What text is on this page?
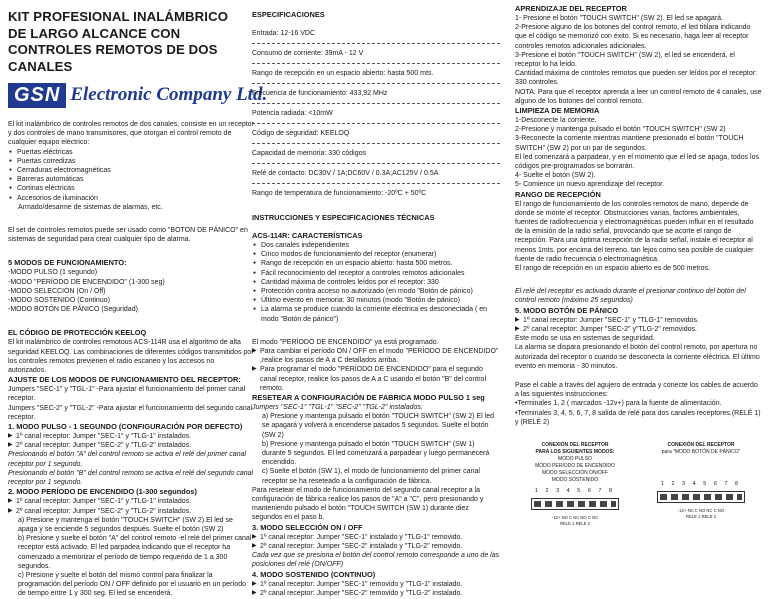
KIT PROFESIONAL INALÁMBRICO
DE LARGO ALCANCE CON
CONTROLES REMOTOS DE DOS CANALES
GSN Electronic Company Ltd.

El kit inalámbrico de controles remotos de dos canales, consiste en un receptor y dos controles de mano transmisores, que otorgan el control remoto de cualquier equipo eléctrico:

● Puertas eléctricas

● Puertas corredizas

● Cerraduras electromagnéticas

● Barreras automáticas

● Cortinas eléctricas

● Accesorios de iluminación

Armado/desarme de sistemas de alarmas, etc.

El set de controles remotos puede ser usado como "BOTON DE PÁNICO" en sistemas de seguridad para crear cualquier tipo de alarma.

5 MODOS DE FUNCIONAMIENTO:

-MODO PULSO (1 segundo)

-MODO "PERÍODO DE ENCENDIDO" (1-300 seg)

-MODO SELECCIÓN (On / Off)

-MODO SOSTENIDO (Continuo)

-MODO BOTÓN DE PÁNICO (Seguridad)

EL CÓDIGO DE PROTECCIÓN KEELOQ

El kit inalámbrico de controles remotous ACS-114R usa el algoritmo de alta seguridad KEELOQ. Las combinaciones de diferentes códigos transmitidos por los controles remotos previenen el radio escaneo y los accesos no autorizados.

AJUSTE DE LOS MODOS DE FUNCIONAMIENTO DEL RECEPTOR:

Jumpers "SEC-1" y "TGL-1" -Para ajustar el funcionamiento del primer canal receptor.

Jumpers "SEC-2" y "TGL-2" -Para ajustar el funcionamiento del segundo canal receptor.

1. MODO PULSO - 1 SEGUNDO (CONFIGURACIÓN POR DEFECTO)

▶ 1º canal receptor: Jumper "SEC-1" y "TLG-1" instalados.

▶ 2º canal receptor: Jumper "SEC-2" y "TLG-2" instalados.

Presionando el botón "A" del control remoto se activa el relé del primer canal receptor por 1 segundo.

Presionando el botón "B" del control remoto se activa el relé del segundo canal receptor por 1 segundo.

2. MODO PERÍODO DE ENCENDIDO (1-300 segundos)

▶ 1º canal receptor: Jumper "SEC-1" y "TLG-1" instalados.

▶ 2º canal receptor: Jumper "SEC-2" y "TLG-2" instalados.

a) Presione y mantenga el botón "TOUCH SWITCH" (SW 2).El led se apaga y se enciende 5 segundos después. Suelte el botón (SW 2)

b) Presione y suelte el botón "A" del control remoto -el relé del primer canal receptor está activado. El led parpadea indicando que el receptor ha comenzado a memorizar el período de tiempo requerido de 1 a 300 segundos.

c) Presione y suelte el botón del mismo control para finalizar la programación del período ON / OFF definido por el usuario en un período de tiempo entre 1 y 300 seg. El led se encenderá.

ESPECIFICACIONES

Entrada: 12-16 VDC

Consumo de corriente: 39mA - 12 V

Rango de recepción en un espacio abierto: hasta 500 mts.

Frecuencia de funcionamiento: 433,92 MHz

Potencia radiada: <10mW

Código de seguridad: KEELOQ

Capacidad de memoria: 330 códigos

Relé de contacto: DC30V / 1A;DC60V / 0.3A;AC125V / 0.5A

Rango de temperatura de funcionamiento: -20ºC + 50ºC

INSTRUCCIONES Y ESPECIFICACIONES TÉCNICAS

ACS-114R: CARACTERÍSTICAS

● Dos canales independientes

● Cinco modos de funcionamiento del receptor (enumerar)

● Rango de recepción en un espacio abierto: hasta 500 metros.

● Fácil reconocimiento del receptor a controles remotos adicionales

● Cantidad máxima de controles leídos por el receptor: 330

● Protección contra acceso no autorizado (en modo "Botón de pánico)

● Último evento en memoria: 30 minutos (modo "Botón de pánico)

● La alarma se produce cuando la corriente eléctrica es desconectada ( en modo "Botón de pánico")

El modo "PERÍODO DE ENCENDIDO" ya está programado.

▶ Para cambiar el período ON / OFF en el modo "PERÍODO DE ENCENDIDO" ,realice los pasos de A a C detallados arriba.

▶ Para programar el modo "PERÍODO DE ENCENDIDO" para el segundo canal receptor, realice los pasos de A a C usando el botón "B" del control remoto.

RESETEAR A CONFIGURACIÓN DE FABRICA MODO PULSO 1 seg

Jumpers "SEC-1" "TGL-1" "SEC-2" "TGL-2" instalados.

a) Presione y mantenga pulsado el botón "TOUCH SWITCH" (SW 2) El led se apagará y volverá a encenderse pasados 5 segundos. Suelte el botón (SW 2)

b) Presione y mantenga pulsado el botón "TOUCH SWITCH" (SW 1) durante 5 segundos. El led comenzará a parpadear y luego permanecerá encendido.

c) Suelte el botón (SW 1), el modo de funcionamiento del primer canal receptor se ha reseteado a la configuración de fábrica.

Para resetear el modo de funcionamiento del segundo canal receptor a la configuración de fábrica realice los pasos de "A" a "C", pero presionando y manteniendo pulsado el botón "TOUCH SWITCH (SW 1) durante diez segundos en el paso b.

3. MODO SELECCIÓN ON / OFF

▶ 1º canal receptor: Jumper "SEC-1" instalado y "TLG-1" removido.

▶ 2º canal receptor: Jumper "SEC-2" instalado y "TLG-2" removido.

Cada vez que se presiona el botón del control remoto corresponde a uno de las posiciones del relé (ON/OFF)

4. MODO SOSTENIDO (CONTINUO)

▶ 1º canal receptor: Jumper "SEC-1" removido y "TLG-1" instalado.

▶ 2º canal receptor: Jumper "SEC-2" removido y "TLG-2" instalado.

APRENDIZAJE DEL RECEPTOR

1- Presione el botón "TOUCH SWITCH" (SW 2). El led se apagará.

2-Presione alguno de los botones del control remoto, el led titilara indicando que el código se memorizó con éxito. Si es necesario, haga leer al receptor controles remotos adicionales adicionales.

3-Presione el botón "TOUCH SWITCH" (SW 2), el led se encenderá, el receptor lo ha leído.

Cantidad máxima de controles remotos que pueden ser leídos por el receptor: 330 controles.

NOTA: Para que el receptor aprenda a leer un control remoto de 4 canales, use alguno de los botones del control remoto.

LIMPIEZA DE MEMORIA

1-Desconecte la corriente.

2-Presione y mantenga pulsado el botón "TOUCH SWITCH" (SW 2)

3-Reconecte la corriente mientras mantiene presionado el botón "TOUCH SWITCH" (SW 2) por un par de segundos.

El led comenzará a parpadear, y en el momento que el led se apaga, todos los códigos pre-programados se borrarán.

4- Suelte el botón (SW 2).

5- Comience un nuevo aprendizaje del receptor.

RANGO DE RECEPCIÓN

El rango de funcionamiento de los controles remotos de mano, depende de donde se monte el receptor. Obstrucciones varias, factores ambientales, fuentes de radiofrecuencia y electromagnéticas pueden influir en el resultado de la emisión de la radio señal, provocando que se acorte el rango de recepción. Para una óptima recepción de la radio señal, instale el receptor al menos 1mts. por encima del terreno, tan lejos como sea posible de cualquier fuente de radio frecuencia o electromagnética.

El rango de recepción en un espacio abierto es de 500 metros.

El relé del receptor es activado durante el presionar continuo del botón del control remoto (máximo 25 segundos)

5. MODO BOTÓN DE PÁNICO

▶ 1º canal receptor: Jumper "SEC-1" y "TLG-1" removidos.

▶ 2º canal receptor: Jumper "SEC-2" y"TLG-2" removidos.

Este modo se usa en sistemas de seguridad.

La alarma se dispara presionando el botón del control remoto, por apertura no autorizada del receptor o cuando se desconecta la corriente eléctrica. El último evento en memoria - 30 minutos.

Pase el cable a través del agujero de entrada y conecte los cables de acuerdo a las siguientes instrucciones:

•Terminales 1, 2 ( marcados -12v+) para la fuente de alimentación.

•Terminales 3, 4, 5, 6, 7, 8 salida de relé para dos canales receptores.(RELÉ 1) y (RELÉ 2)

CONEXIÓN DEL RECEPTOR
PARA LOS SIGUIENTES MODOS:
MODO PULSO
MODO PERÍODO DE ENCENDIDO
MODO SELECCIÓN ON/OFF
MODO SOSTENIDO
1 2 3 4 5 6 7 8
-12+ NO C NC NO C NC
RELE 1 RELE 2
CONEXIÓN DEL RECEPTOR
para "MODO BOTÓN DE PÁNICO"
1 2 3 4 5 6 7 8
-12+ NC C NO NC C NO
RELE 1 RELE 2
